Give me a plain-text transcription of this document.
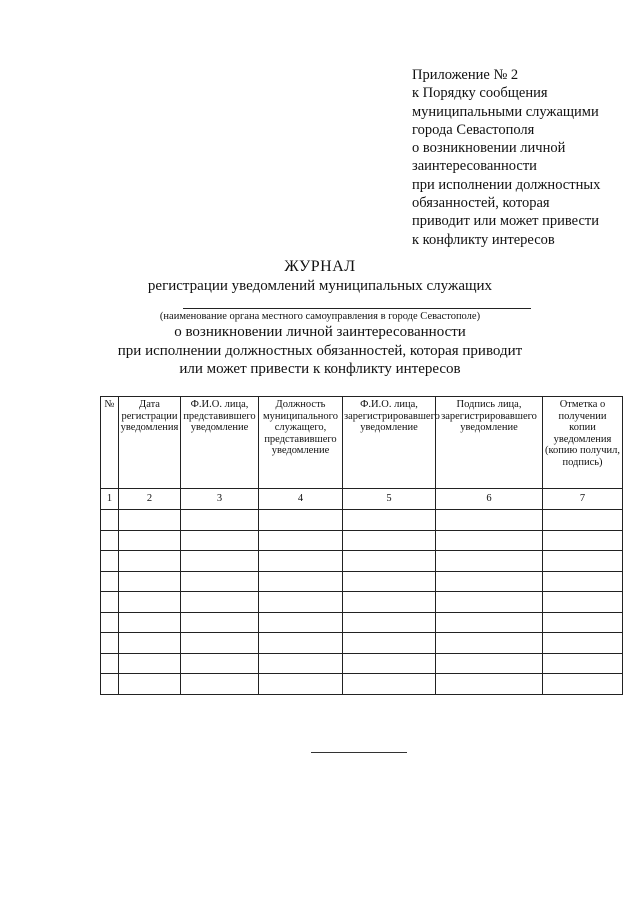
Приложение № 2
к Порядку сообщения
муниципальными служащими
города Севастополя
о возникновении личной
заинтересованности
при исполнении должностных
обязанностей, которая
приводит или может привести
к конфликту интересов
ЖУРНАЛ
регистрации уведомлений муниципальных служащих
(наименование органа местного самоуправления в городе Севастополе)
о возникновении личной заинтересованности
при исполнении должностных обязанностей, которая приводит
или может привести к конфликту интересов
№	Дата регистрации уведомления	Ф.И.О. лица, представившего уведомление	Должность муниципального служащего, представившего уведомление	Ф.И.О. лица, зарегистрировавшего уведомление	Подпись лица, зарегистрировавшего уведомление	Отметка о получении копии уведомления (копию получил, подпись)
1	2	3	4	5	6	7
